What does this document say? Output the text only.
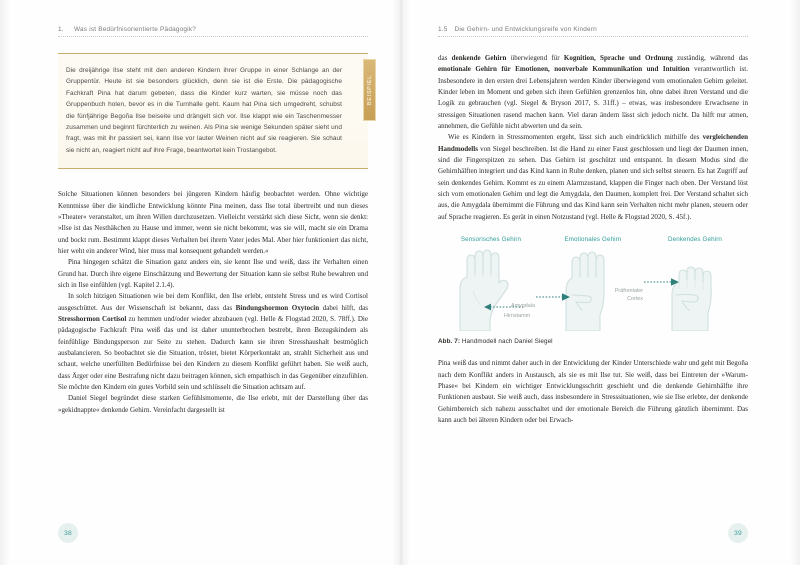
1.	Was ist Bedürfnisorientierte Pädagogik?

Die dreijährige Ilse steht mit den anderen Kindern ihrer Gruppe in einer Schlange an der Gruppentür. Heute ist sie besonders glücklich, denn sie ist die Erste. Die pädagogische Fachkraft Pina hat darum gebeten, dass die Kinder kurz warten, sie müsse noch das Gruppenbuch holen, bevor es in die Turnhalle geht. Kaum hat Pina sich umgedreht, schubst die fünfjährige Begoña Ilse beiseite und drängelt sich vor. Ilse klappt wie ein Taschenmesser zusammen und beginnt fürchterlich zu weinen. Als Pina sie wenige Sekunden später sieht und fragt, was mit ihr passiert sei, kann Ilse vor lauter Weinen nicht auf sie reagieren. Sie schaut sie nicht an, reagiert nicht auf ihre Frage, beantwortet kein Trostangebot.

BEISPIEL

Solche Situationen können besonders bei jüngeren Kindern häufig beobachtet werden. Ohne wichtige Kenntnisse über die kindliche Entwicklung könnte Pina meinen, dass Ilse total übertreibt und nun dieses »Theater« veranstaltet, um ihren Willen durchzusetzen. Vielleicht verstärkt sich diese Sicht, wenn sie denkt: »Ilse ist das Nesthäkchen zu Hause und immer, wenn sie nicht bekommt, was sie will, macht sie ein Drama und bockt rum. Bestimmt klappt dieses Verhalten bei ihrem Vater jedes Mal. Aber hier funktioniert das nicht, hier weht ein anderer Wind, hier muss mal konsequent gehandelt werden.«

Pina hingegen schätzt die Situation ganz anders ein, sie kennt Ilse und weiß, dass ihr Verhalten einen Grund hat. Durch ihre eigene Einschätzung und Bewertung der Situation kann sie selbst Ruhe bewahren und sich in Ilse einfühlen (vgl. Kapitel 2.1.4).

In solch hitzigen Situationen wie bei dem Konflikt, den Ilse erlebt, entsteht Stress und es wird Cortisol ausgeschüttet. Aus der Wissenschaft ist bekannt, dass das Bindungshormon Oxytocin dabei hilft, das Stresshormon Cortisol zu hemmen und/oder wieder abzubauen (vgl. Helle & Flogstad 2020, S. 78ff.). Die pädagogische Fachkraft Pina weiß das und ist daher ununterbrochen bestrebt, ihren Bezugskindern als feinfühlige Bindungsperson zur Seite zu stehen. Dadurch kann sie ihren Stresshaushalt bestmöglich ausbalancieren. So beobachtet sie die Situation, tröstet, bietet Körperkontakt an, strahlt Sicherheit aus und schaut, welche unerfüllten Bedürfnisse bei den Kindern zu diesem Konflikt geführt haben. Sie weiß auch, dass Ärger oder eine Bestrafung nicht dazu beitragen können, sich empathisch in das Gegenüber einzufühlen. Sie möchte den Kindern ein gutes Vorbild sein und schlüsselt die Situation achtsam auf.

Daniel Siegel begründet diese starken Gefühlsmomente, die Ilse erlebt, mit der Darstellung über das »gekidnappte« denkende Gehirn. Vereinfacht dargestellt ist

38
1.5 Die Gehirn- und Entwicklungsreife von Kindern

das denkende Gehirn überwiegend für Kognition, Sprache und Ordnung zuständig, während das emotionale Gehirn für Emotionen, nonverbale Kommunikation und Intuition verantwortlich ist. Insbesondere in den ersten drei Lebensjahren werden Kinder überwiegend vom emotionalen Gehirn geleitet. Kinder leben im Moment und geben sich ihren Gefühlen grenzenlos hin, ohne dabei ihren Verstand und die Logik zu gebrauchen (vgl. Siegel & Bryson 2017, S. 31ff.) – etwas, was insbesondere Erwachsene in stressigen Situationen rasend machen kann. Viel daran ändern lässt sich jedoch nicht. Da hilft nur atmen, annehmen, die Gefühle nicht abwerten und da sein.

Wie es Kindern in Stressmomenten ergeht, lässt sich auch eindrücklich mithilfe des vergleichenden Handmodells von Siegel beschreiben. Ist die Hand zu einer Faust geschlossen und liegt der Daumen innen, sind die Fingerspitzen zu sehen. Das Gehirn ist geschützt und entspannt. In diesem Modus sind die Gehirnhälften integriert und das Kind kann in Ruhe denken, planen und sich selbst steuern. Es hat Zugriff auf sein denkendes Gehirn. Kommt es zu einem Alarmzustand, klappen die Finger nach oben. Der Verstand löst sich vom emotionalen Gehirn und legt die Amygdala, den Daumen, komplett frei. Der Verstand schaltet sich aus, die Amygdala übernimmt die Führung und das Kind kann sein Verhalten nicht mehr planen, steuern oder auf Sprache reagieren. Es gerät in einen Notzustand (vgl. Helle & Flogstad 2020, S. 45f.).

Sensorisches Gehirn	Emotionales Gehirn	Denkendes Gehirn
Hirnstamm
Amygdala
Präfrontaler
Cortex
Abb. 7: Handmodell nach Daniel Siegel

Pina weiß das und nimmt daher auch in der Entwicklung der Kinder Unterschiede wahr und geht mit Begoña nach dem Konflikt anders in Austausch, als sie es mit Ilse tut. Sie weiß, dass bei Eintreten der »Warum-Phase« bei Kindern ein wichtiger Entwicklungsschritt geschieht und die denkende Gehirnhälfte ihre Funktionen ausbaut. Sie weiß auch, dass insbesondere in Stresssituationen, wie sie Ilse erlebte, der denkende Gehirnbereich sich nahezu ausschaltet und der emotionale Bereich die Führung gänzlich übernimmt. Das kann auch bei älteren Kindern oder bei Erwach-

39
